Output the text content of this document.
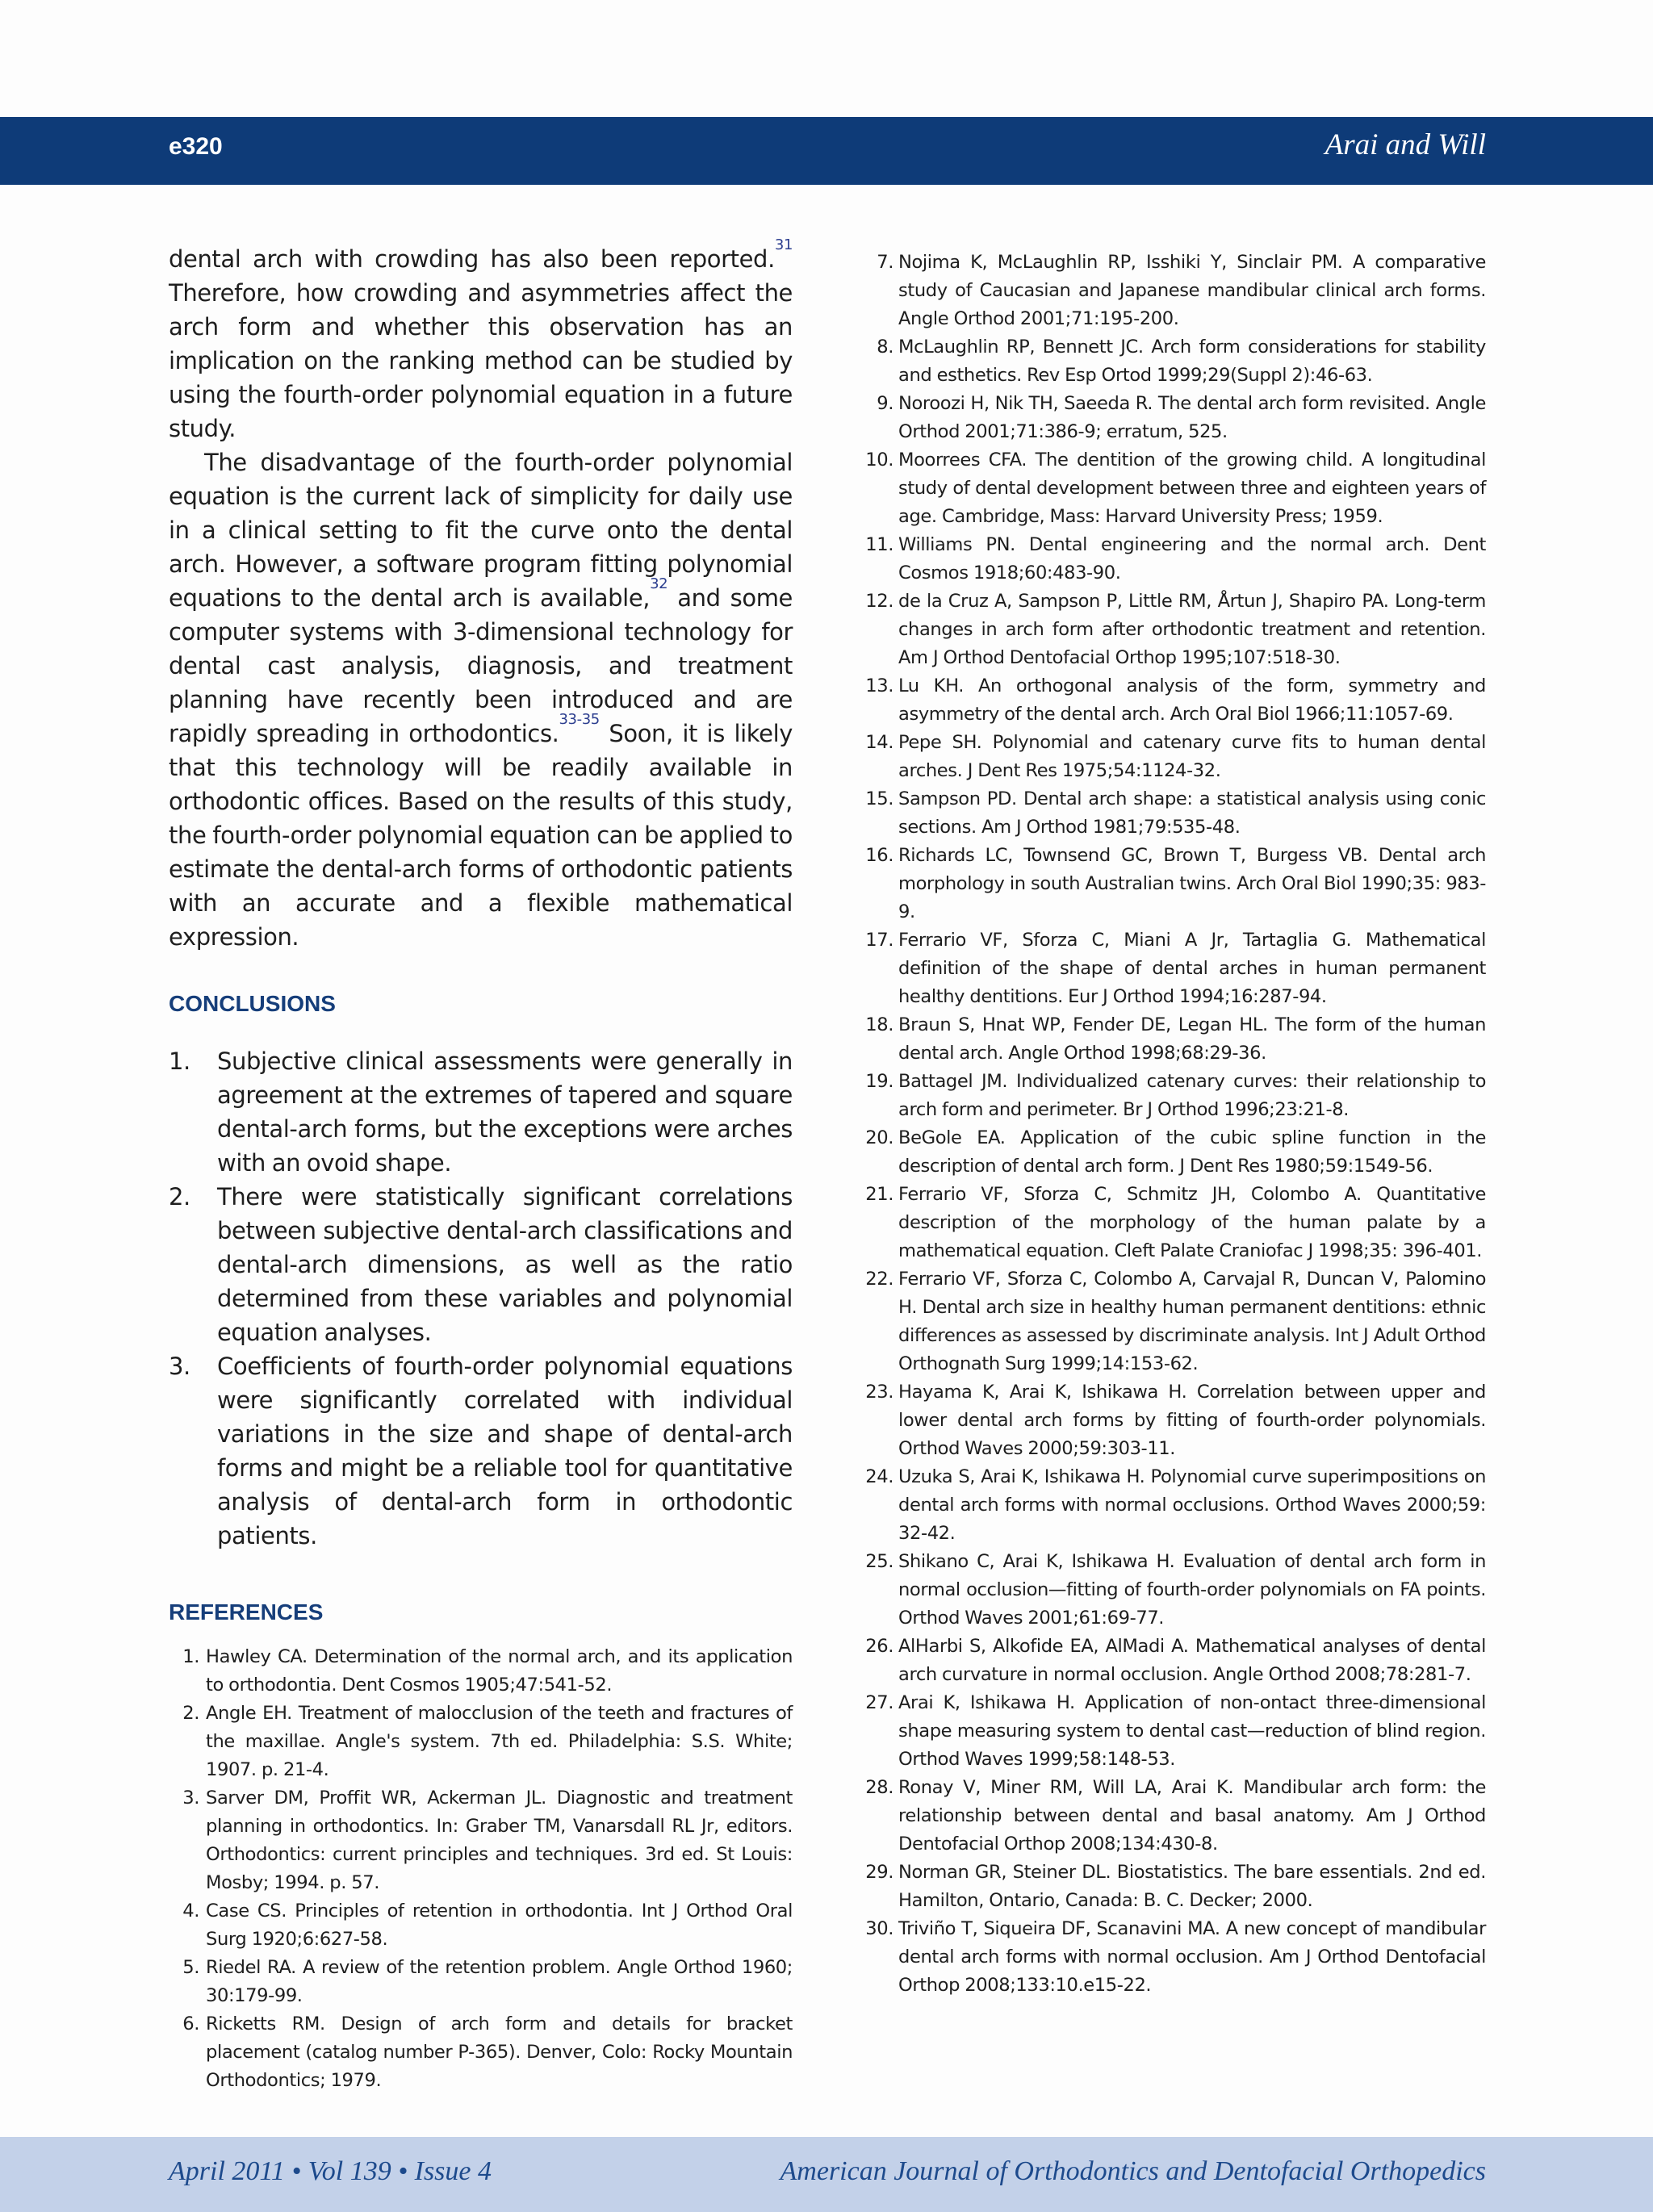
e320	Arai and Will

dental arch with crowding has also been reported.$^{31}$ Therefore, how crowding and asymmetries affect the arch form and whether this observation has an implication on the ranking method can be studied by using the fourth-order polynomial equation in a future study.

The disadvantage of the fourth-order polynomial equation is the current lack of simplicity for daily use in a clinical setting to fit the curve onto the dental arch. However, a software program fitting polynomial equations to the dental arch is available,$^{32}$ and some computer systems with 3-dimensional technology for dental cast analysis, diagnosis, and treatment planning have recently been introduced and are rapidly spreading in orthodontics.$^{33-35}$ Soon, it is likely that this technology will be readily available in orthodontic offices. Based on the results of this study, the fourth-order polynomial equation can be applied to estimate the dental-arch forms of orthodontic patients with an accurate and a flexible mathematical expression.

CONCLUSIONS
1. Subjective clinical assessments were generally in agreement at the extremes of tapered and square dental-arch forms, but the exceptions were arches with an ovoid shape.
2. There were statistically significant correlations between subjective dental-arch classifications and dental-arch dimensions, as well as the ratio determined from these variables and polynomial equation analyses.
3. Coefficients of fourth-order polynomial equations were significantly correlated with individual variations in the size and shape of dental-arch forms and might be a reliable tool for quantitative analysis of dental-arch form in orthodontic patients.
REFERENCES
1. Hawley CA. Determination of the normal arch, and its application to orthodontia. Dent Cosmos 1905;47:541-52.
2. Angle EH. Treatment of malocclusion of the teeth and fractures of the maxillae. Angle's system. 7th ed. Philadelphia: S.S. White; 1907. p. 21-4.
3. Sarver DM, Proffit WR, Ackerman JL. Diagnostic and treatment planning in orthodontics. In: Graber TM, Vanarsdall RL Jr, editors. Orthodontics: current principles and techniques. 3rd ed. St Louis: Mosby; 1994. p. 57.
4. Case CS. Principles of retention in orthodontia. Int J Orthod Oral Surg 1920;6:627-58.
5. Riedel RA. A review of the retention problem. Angle Orthod 1960; 30:179-99.
6. Ricketts RM. Design of arch form and details for bracket placement (catalog number P-365). Denver, Colo: Rocky Mountain Orthodontics; 1979.
7. Nojima K, McLaughlin RP, Isshiki Y, Sinclair PM. A comparative study of Caucasian and Japanese mandibular clinical arch forms. Angle Orthod 2001;71:195-200.
8. McLaughlin RP, Bennett JC. Arch form considerations for stability and esthetics. Rev Esp Ortod 1999;29(Suppl 2):46-63.
9. Noroozi H, Nik TH, Saeeda R. The dental arch form revisited. Angle Orthod 2001;71:386-9; erratum, 525.
10. Moorrees CFA. The dentition of the growing child. A longitudinal study of dental development between three and eighteen years of age. Cambridge, Mass: Harvard University Press; 1959.
11. Williams PN. Dental engineering and the normal arch. Dent Cosmos 1918;60:483-90.
12. de la Cruz A, Sampson P, Little RM, Årtun J, Shapiro PA. Long-term changes in arch form after orthodontic treatment and retention. Am J Orthod Dentofacial Orthop 1995;107:518-30.
13. Lu KH. An orthogonal analysis of the form, symmetry and asymmetry of the dental arch. Arch Oral Biol 1966;11:1057-69.
14. Pepe SH. Polynomial and catenary curve fits to human dental arches. J Dent Res 1975;54:1124-32.
15. Sampson PD. Dental arch shape: a statistical analysis using conic sections. Am J Orthod 1981;79:535-48.
16. Richards LC, Townsend GC, Brown T, Burgess VB. Dental arch morphology in south Australian twins. Arch Oral Biol 1990;35: 983-9.
17. Ferrario VF, Sforza C, Miani A Jr, Tartaglia G. Mathematical definition of the shape of dental arches in human permanent healthy dentitions. Eur J Orthod 1994;16:287-94.
18. Braun S, Hnat WP, Fender DE, Legan HL. The form of the human dental arch. Angle Orthod 1998;68:29-36.
19. Battagel JM. Individualized catenary curves: their relationship to arch form and perimeter. Br J Orthod 1996;23:21-8.
20. BeGole EA. Application of the cubic spline function in the description of dental arch form. J Dent Res 1980;59:1549-56.
21. Ferrario VF, Sforza C, Schmitz JH, Colombo A. Quantitative description of the morphology of the human palate by a mathematical equation. Cleft Palate Craniofac J 1998;35: 396-401.
22. Ferrario VF, Sforza C, Colombo A, Carvajal R, Duncan V, Palomino H. Dental arch size in healthy human permanent dentitions: ethnic differences as assessed by discriminate analysis. Int J Adult Orthod Orthognath Surg 1999;14:153-62.
23. Hayama K, Arai K, Ishikawa H. Correlation between upper and lower dental arch forms by fitting of fourth-order polynomials. Orthod Waves 2000;59:303-11.
24. Uzuka S, Arai K, Ishikawa H. Polynomial curve superimpositions on dental arch forms with normal occlusions. Orthod Waves 2000;59: 32-42.
25. Shikano C, Arai K, Ishikawa H. Evaluation of dental arch form in normal occlusion—fitting of fourth-order polynomials on FA points. Orthod Waves 2001;61:69-77.
26. AlHarbi S, Alkofide EA, AlMadi A. Mathematical analyses of dental arch curvature in normal occlusion. Angle Orthod 2008;78:281-7.
27. Arai K, Ishikawa H. Application of non-ontact three-dimensional shape measuring system to dental cast—reduction of blind region. Orthod Waves 1999;58:148-53.
28. Ronay V, Miner RM, Will LA, Arai K. Mandibular arch form: the relationship between dental and basal anatomy. Am J Orthod Dentofacial Orthop 2008;134:430-8.
29. Norman GR, Steiner DL. Biostatistics. The bare essentials. 2nd ed. Hamilton, Ontario, Canada: B. C. Decker; 2000.
30. Triviño T, Siqueira DF, Scanavini MA. A new concept of mandibular dental arch forms with normal occlusion. Am J Orthod Dentofacial Orthop 2008;133:10.e15-22.
April 2011 • Vol 139 • Issue 4	American Journal of Orthodontics and Dentofacial Orthopedics
